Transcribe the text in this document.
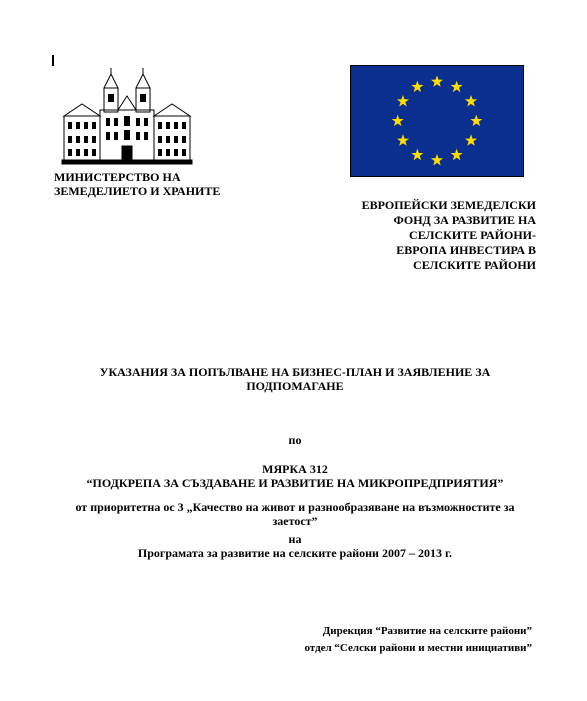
МИНИСТЕРСТВО НА
ЗЕМЕДЕЛИЕТО И ХРАНИТЕ
ЕВРОПЕЙСКИ ЗЕМЕДЕЛСКИ
ФОНД ЗА РАЗВИТИЕ НА
СЕЛСКИТЕ РАЙОНИ-
ЕВРОПА ИНВЕСТИРА В
СЕЛСКИТЕ РАЙОНИ
УКАЗАНИЯ ЗА ПОПЪЛВАНЕ НА БИЗНЕС-ПЛАН И ЗАЯВЛЕНИЕ ЗА
ПОДПОМАГАНЕ
по
МЯРКА 312
“ПОДКРЕПА ЗА СЪЗДАВАНЕ И РАЗВИТИЕ НА МИКРОПРЕДПРИЯТИЯ”
от приоритетна ос 3 „Качество на живот и разнообразяване на възможностите за
заетост”
на
Програмата за развитие на селските райони 2007 – 2013 г.
Дирекция “Развитие на селските райони”
отдел “Селски райони и местни инициативи”
